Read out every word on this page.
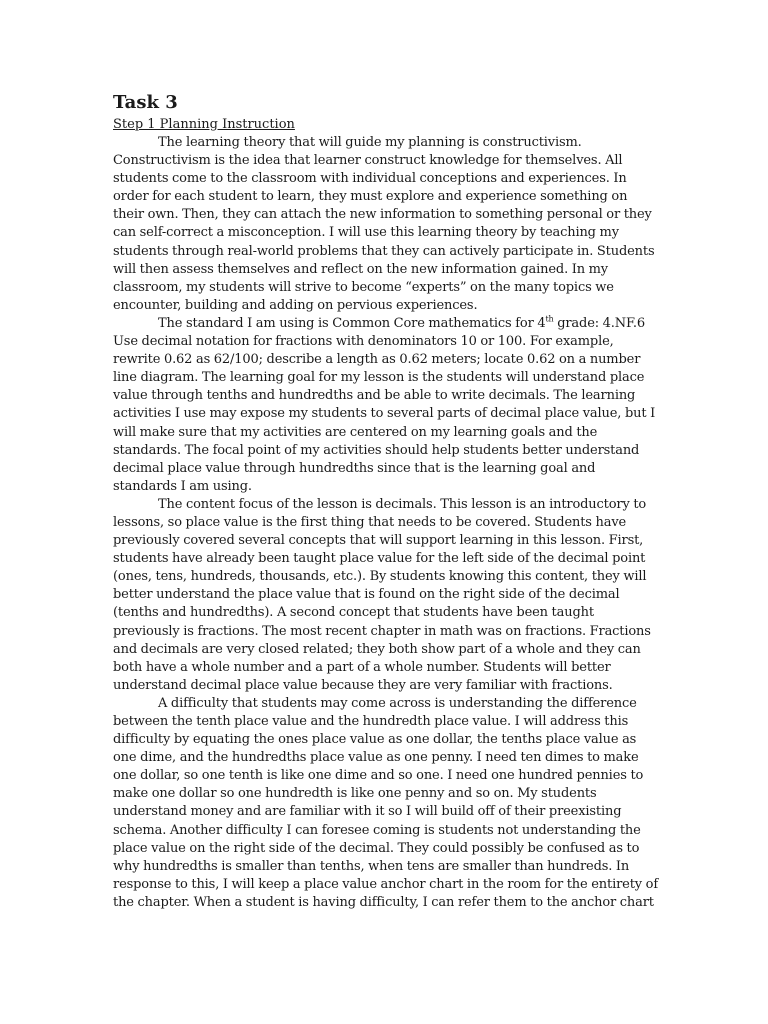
Task 3

Step 1 Planning Instruction

The learning theory that will guide my planning is constructivism. Constructivism is the idea that learner construct knowledge for themselves. All students come to the classroom with individual conceptions and experiences. In order for each student to learn, they must explore and experience something on their own. Then, they can attach the new information to something personal or they can self-correct a misconception. I will use this learning theory by teaching my students through real-world problems that they can actively participate in. Students will then assess themselves and reflect on the new information gained. In my classroom, my students will strive to become “experts” on the many topics we encounter, building and adding on pervious experiences.

The standard I am using is Common Core mathematics for 4th grade: 4.NF.6 Use decimal notation for fractions with denominators 10 or 100. For example, rewrite 0.62 as 62/100; describe a length as 0.62 meters; locate 0.62 on a number line diagram. The learning goal for my lesson is the students will understand place value through tenths and hundredths and be able to write decimals. The learning activities I use may expose my students to several parts of decimal place value, but I will make sure that my activities are centered on my learning goals and the standards. The focal point of my activities should help students better understand decimal place value through hundredths since that is the learning goal and standards I am using.

The content focus of the lesson is decimals. This lesson is an introductory to lessons, so place value is the first thing that needs to be covered. Students have previously covered several concepts that will support learning in this lesson. First, students have already been taught place value for the left side of the decimal point (ones, tens, hundreds, thousands, etc.). By students knowing this content, they will better understand the place value that is found on the right side of the decimal (tenths and hundredths). A second concept that students have been taught previously is fractions. The most recent chapter in math was on fractions. Fractions and decimals are very closed related; they both show part of a whole and they can both have a whole number and a part of a whole number. Students will better understand decimal place value because they are very familiar with fractions.

A difficulty that students may come across is understanding the difference between the tenth place value and the hundredth place value. I will address this difficulty by equating the ones place value as one dollar, the tenths place value as one dime, and the hundredths place value as one penny. I need ten dimes to make one dollar, so one tenth is like one dime and so one. I need one hundred pennies to make one dollar so one hundredth is like one penny and so on. My students understand money and are familiar with it so I will build off of their preexisting schema. Another difficulty I can foresee coming is students not understanding the place value on the right side of the decimal. They could possibly be confused as to why hundredths is smaller than tenths, when tens are smaller than hundreds. In response to this, I will keep a place value anchor chart in the room for the entirety of the chapter. When a student is having difficulty, I can refer them to the anchor chart
